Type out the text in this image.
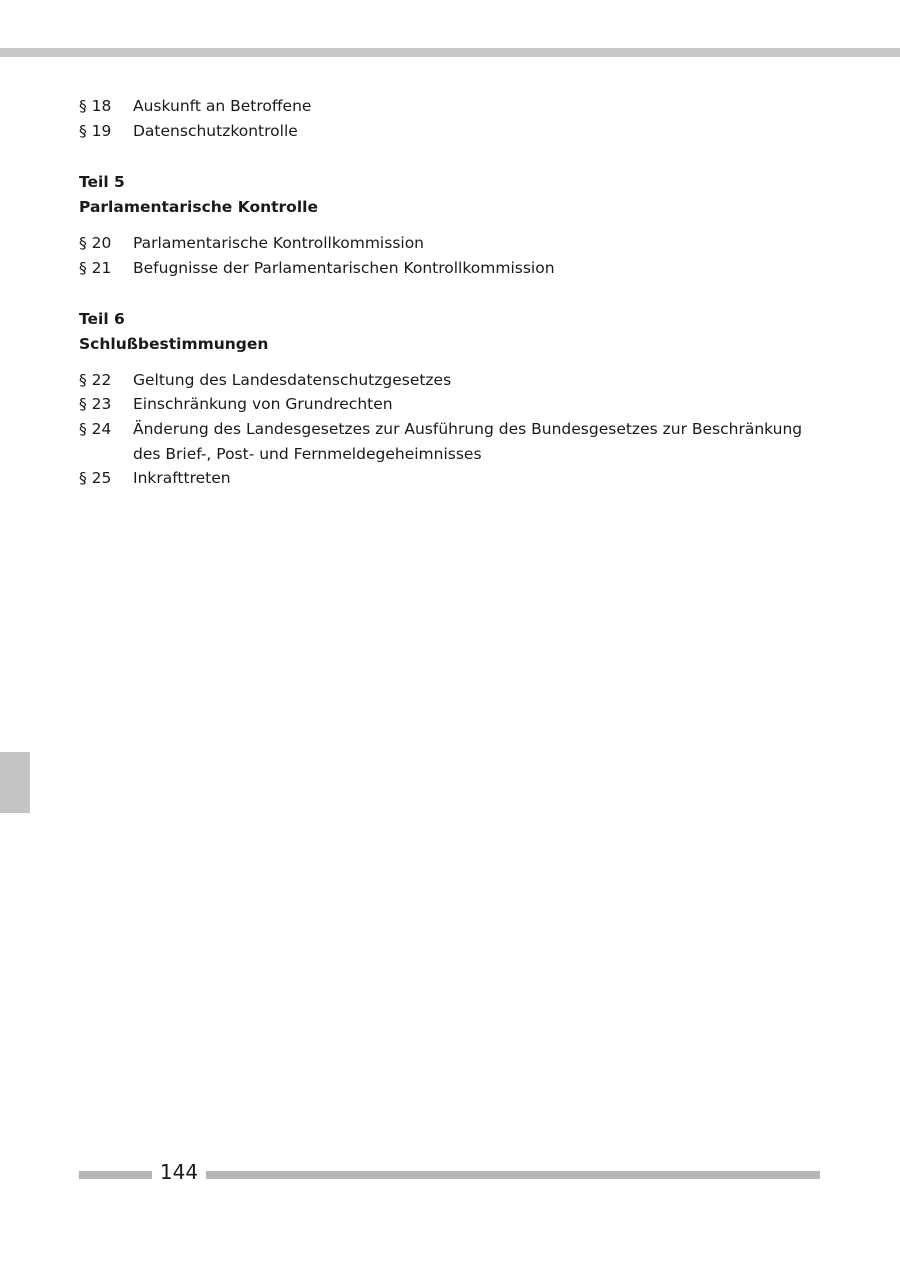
§ 18	Auskunft an Betroffene
§ 19	Datenschutzkontrolle
Teil 5
Parlamentarische Kontrolle
§ 20	Parlamentarische Kontrollkommission
§ 21	Befugnisse der Parlamentarischen Kontrollkommission
Teil 6
Schlußbestimmungen
§ 22	Geltung des Landesdatenschutzgesetzes
§ 23	Einschränkung von Grundrechten
§ 24	Änderung des Landesgesetzes zur Ausführung des Bundesgesetzes zur Beschränkung des Brief-, Post- und Fernmeldegeheimnisses
§ 25	Inkrafttreten
144
